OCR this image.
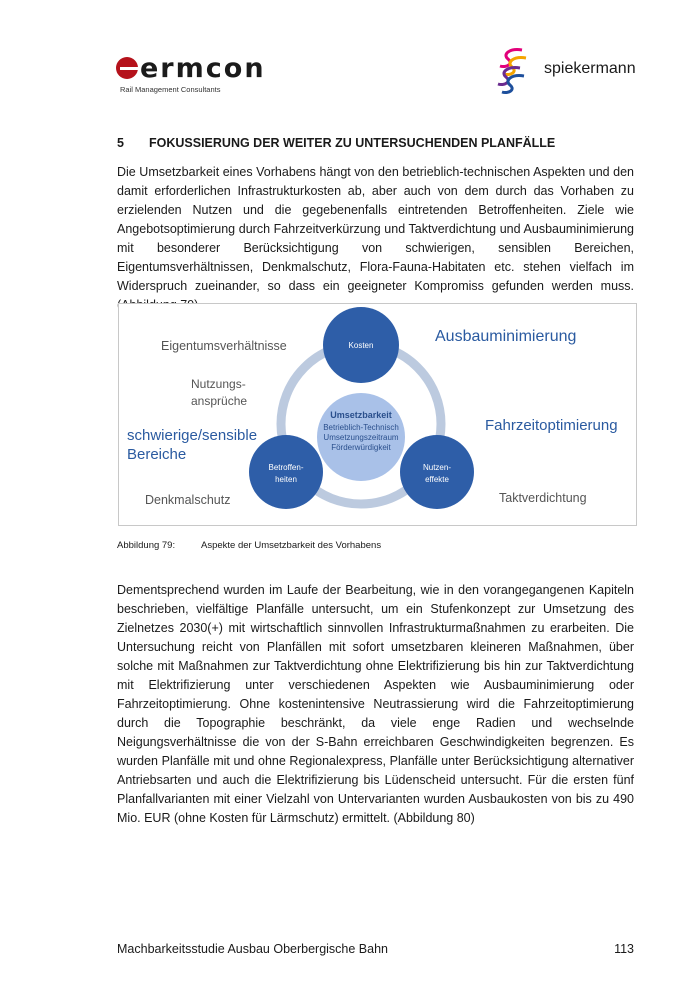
ermcon
Rail Management Consultants
spiekermann
5 FOKUSSIERUNG DER WEITER ZU UNTERSUCHENDEN PLANFÄLLE
Die Umsetzbarkeit eines Vorhabens hängt von den betrieblich-technischen Aspekten und den damit erforderlichen Infrastrukturkosten ab, aber auch von dem durch das Vorhaben zu erzielenden Nutzen und die gegebenenfalls eintretenden Betroffenheiten. Ziele wie Angebotsoptimierung durch Fahrzeitverkürzung und Taktverdichtung und Ausbauminimierung mit besonderer Berücksichtigung von schwierigen, sensiblen Bereichen, Eigentumsverhältnissen, Denkmalschutz, Flora-Fauna-Habitaten etc. stehen vielfach im Widerspruch zueinander, so dass ein geeigneter Kompromiss gefunden werden muss.
Umsetzbarkeit
Betrieblich-Technisch
Umsetzungszeitraum
Förderwürdigkeit
Kosten
Betroffen-
heiten
Nutzen-
effekte
Eigentumsverhältnisse
Nutzungs-
ansprüche
schwierige/sensible
Bereiche
Denkmalschutz
Ausbauminimierung
Fahrzeitoptimierung
Taktverdichtung
Abbildung 79:	Aspekte der Umsetzbarkeit des Vorhabens
Dementsprechend wurden im Laufe der Bearbeitung, wie in den vorangegangenen Kapiteln beschrieben, vielfältige Planfälle untersucht, um ein Stufenkonzept zur Umsetzung des Zielnetzes 2030(+) mit wirtschaftlich sinnvollen Infrastrukturmaßnahmen zu erarbeiten. Die Untersuchung reicht von Planfällen mit sofort umsetzbaren kleineren Maßnahmen, über solche mit Maßnahmen zur Taktverdichtung ohne Elektrifizierung bis hin zur Taktverdichtung mit Elektrifizierung unter verschiedenen Aspekten wie Ausbauminimierung oder Fahrzeitoptimierung. Ohne kostenintensive Neutrassierung wird die Fahrzeitoptimierung durch die Topographie beschränkt, da viele enge Radien und wechselnde Neigungsverhältnisse die von der S-Bahn erreichbaren Geschwindigkeiten begrenzen. Es wurden Planfälle mit und ohne Regionalexpress, Planfälle unter Berücksichtigung alternativer Antriebsarten und auch die Elektrifizierung bis Lüdenscheid untersucht. Für die ersten fünf Planfallvarianten mit einer Vielzahl von Untervarianten wurden Ausbaukosten von bis zu 490 Mio. EUR (ohne Kosten für Lärmschutz) ermittelt. (Abbildung 80)
Machbarkeitsstudie Ausbau Oberbergische Bahn	113
